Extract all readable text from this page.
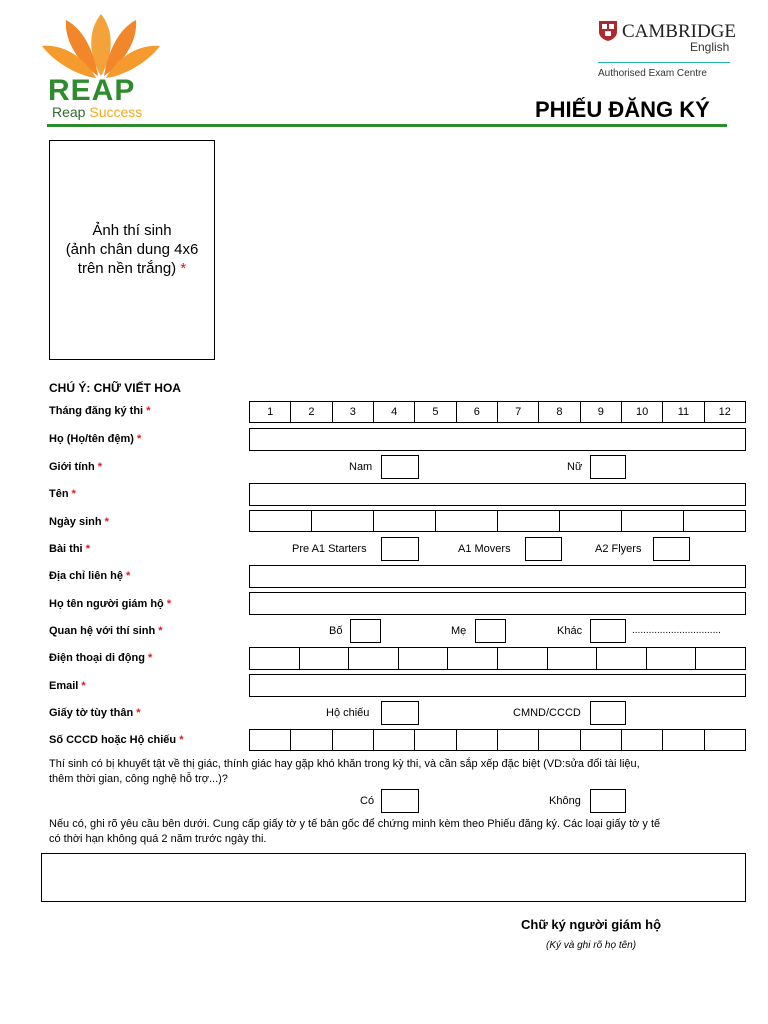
REAP
Reap Success
CAMBRIDGE
English
Authorised Exam Centre
PHIẾU ĐĂNG KÝ
Ảnh thí sinh
(ảnh chân dung 4x6
trên nền trắng) *
CHÚ Ý: CHỮ VIẾT HOA
Tháng đăng ký thi *	1	2	3	4	5	6	7	8	9	10	11	12
Họ (Họ/tên đệm) *
Giới tính *	Nam	Nữ
Tên *
Ngày sinh *
Bài thi *	Pre A1 Starters	A1 Movers	A2 Flyers
Địa chỉ liên hệ *
Họ tên người giám hộ *
Quan hệ với thí sinh *	Bố	Mẹ	Khác	................................
Điện thoại di động *
Email *
Giấy tờ tùy thân *	Hộ chiếu	CMND/CCCD
Số CCCD hoặc Hộ chiếu *
Thí sinh có bị khuyết tật về thị giác, thính giác hay gặp khó khăn trong kỳ thi, và cần sắp xếp đặc biệt (VD:sửa đổi tài liệu,
thêm thời gian, công nghệ hỗ trợ...)?
Có	Không
Nếu có, ghi rõ yêu cầu bên dưới. Cung cấp giấy tờ y tế bản gốc để chứng minh kèm theo Phiếu đăng ký. Các loại giấy tờ y tế
có thời hạn không quá 2 năm trước ngày thi.
Chữ ký người giám hộ
(Ký và ghi rõ họ tên)
